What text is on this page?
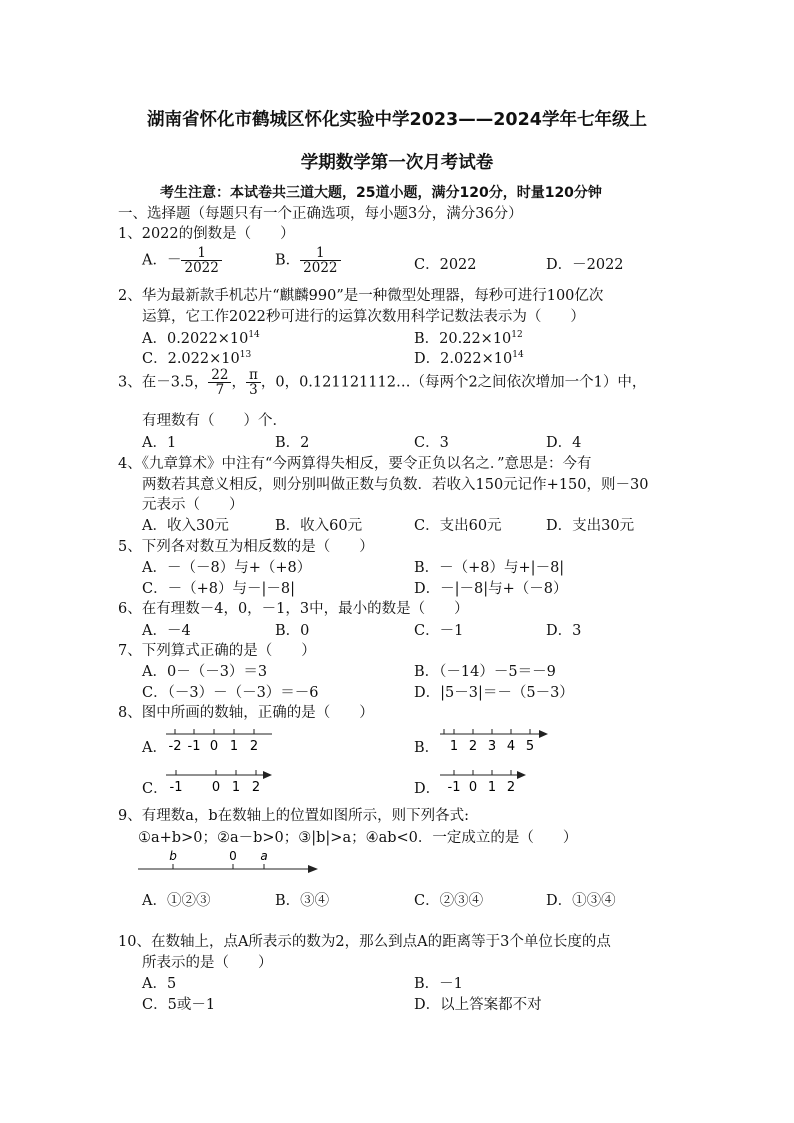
湖南省怀化市鹤城区怀化实验中学2023——2024学年七年级上
学期数学第一次月考试卷
考生注意：本试卷共三道大题，25道小题，满分120分，时量120分钟
一、选择题（每题只有一个正确选项，每小题3分，满分36分）
1、2022的倒数是（　　）
A．－ $\frac{1}{2022}$	B． $\frac{1}{2022}$	C．2022	D．－2022
2、华为最新款手机芯片“麒麟990”是一种微型处理器，每秒可进行100亿次
运算，它工作2022秒可进行的运算次数用科学记数法表示为（　　）
A．$0.2022\times 10^{14}$	B．$20.22\times 10^{12}$
C．$2.022\times 10^{13}$	D．$2.022\times 10^{14}$
3、在－3.5， $\frac{22}{7}$ ， $\frac{\pi}{3}$ ，0，0.121121112…（每两个2之间依次增加一个1）中，
有理数有（　　）个．
A．1	B．2	C．3	D．4
4、《九章算术》中注有“今两算得失相反，要令正负以名之．”意思是：今有
两数若其意义相反，则分别叫做正数与负数．若收入150元记作+150，则－30
元表示（　　）
A．收入30元	B．收入60元	C．支出60元	D．支出30元
5、下列各对数互为相反数的是（　　）
A．－（－8）与+（+8）	B．－（+8）与+|－8|
C．－（+8）与－|－8|	D．－|－8|与+（－8）
6、在有理数－4，0，－1，3中，最小的数是（　　）
A．－4	B．0	C．－1	D．3
7、下列算式正确的是（　　）
A．0－（－3）＝3	B．（－14）－5＝－9
C．（－3）－（－3）＝－6	D．|5－3|＝－（5－3）
8、图中所画的数轴，正确的是（　　）
A． -2 -1 0 1 2	B． 1 2 3 4 5
C． -1 0 1 2	D． -1 0 1 2
9、有理数a，b在数轴上的位置如图所示，则下列各式:
①a+b>0；②a－b>0；③|b|>a；④ab<0．一定成立的是（　　）
b	0 a
A．①②③	B．③④	C．②③④	D．①③④
10、在数轴上，点A所表示的数为2，那么到点A的距离等于3个单位长度的点
所表示的是（　　）
A．5	B．－1
C．5或－1	D．以上答案都不对
